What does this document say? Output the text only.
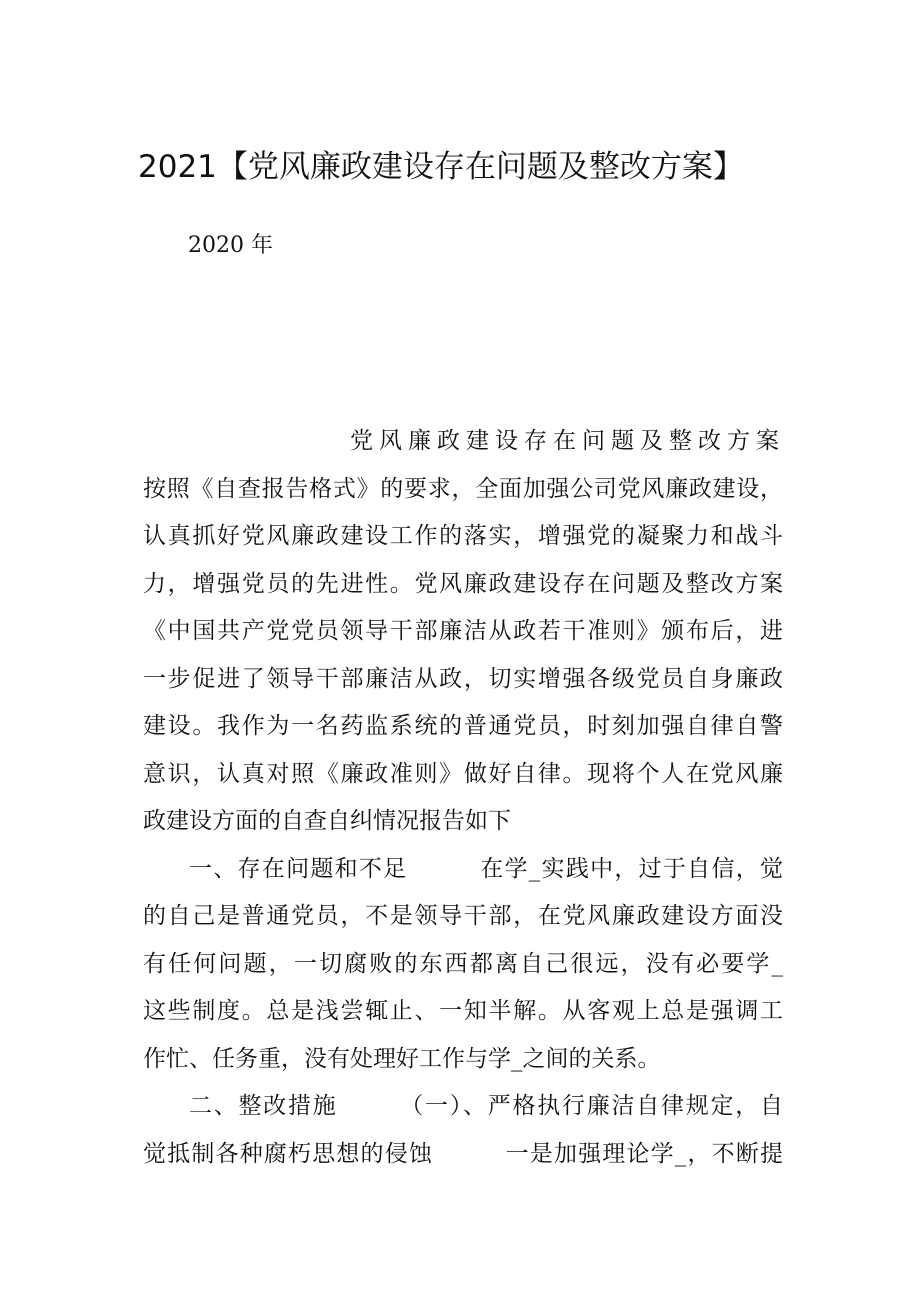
2021【党风廉政建设存在问题及整改方案】
2020 年
党风廉政建设存在问题及整改方案
按照《自查报告格式》的要求，全面加强公司党风廉政建设，
认真抓好党风廉政建设工作的落实，增强党的凝聚力和战斗
力，增强党员的先进性。党风廉政建设存在问题及整改方案
《中国共产党党员领导干部廉洁从政若干准则》颁布后，进
一步促进了领导干部廉洁从政，切实增强各级党员自身廉政
建设。我作为一名药监系统的普通党员，时刻加强自律自警
意识，认真对照《廉政准则》做好自律。现将个人在党风廉
政建设方面的自查自纠情况报告如下
一、存在问题和不足　　　在学_实践中，过于自信，觉
的自己是普通党员，不是领导干部，在党风廉政建设方面没
有任何问题，一切腐败的东西都离自己很远，没有必要学_
这些制度。总是浅尝辄止、一知半解。从客观上总是强调工
作忙、任务重，没有处理好工作与学_之间的关系。
二、整改措施　　　（一）、严格执行廉洁自律规定，自
觉抵制各种腐朽思想的侵蚀　　　一是加强理论学_，不断提
